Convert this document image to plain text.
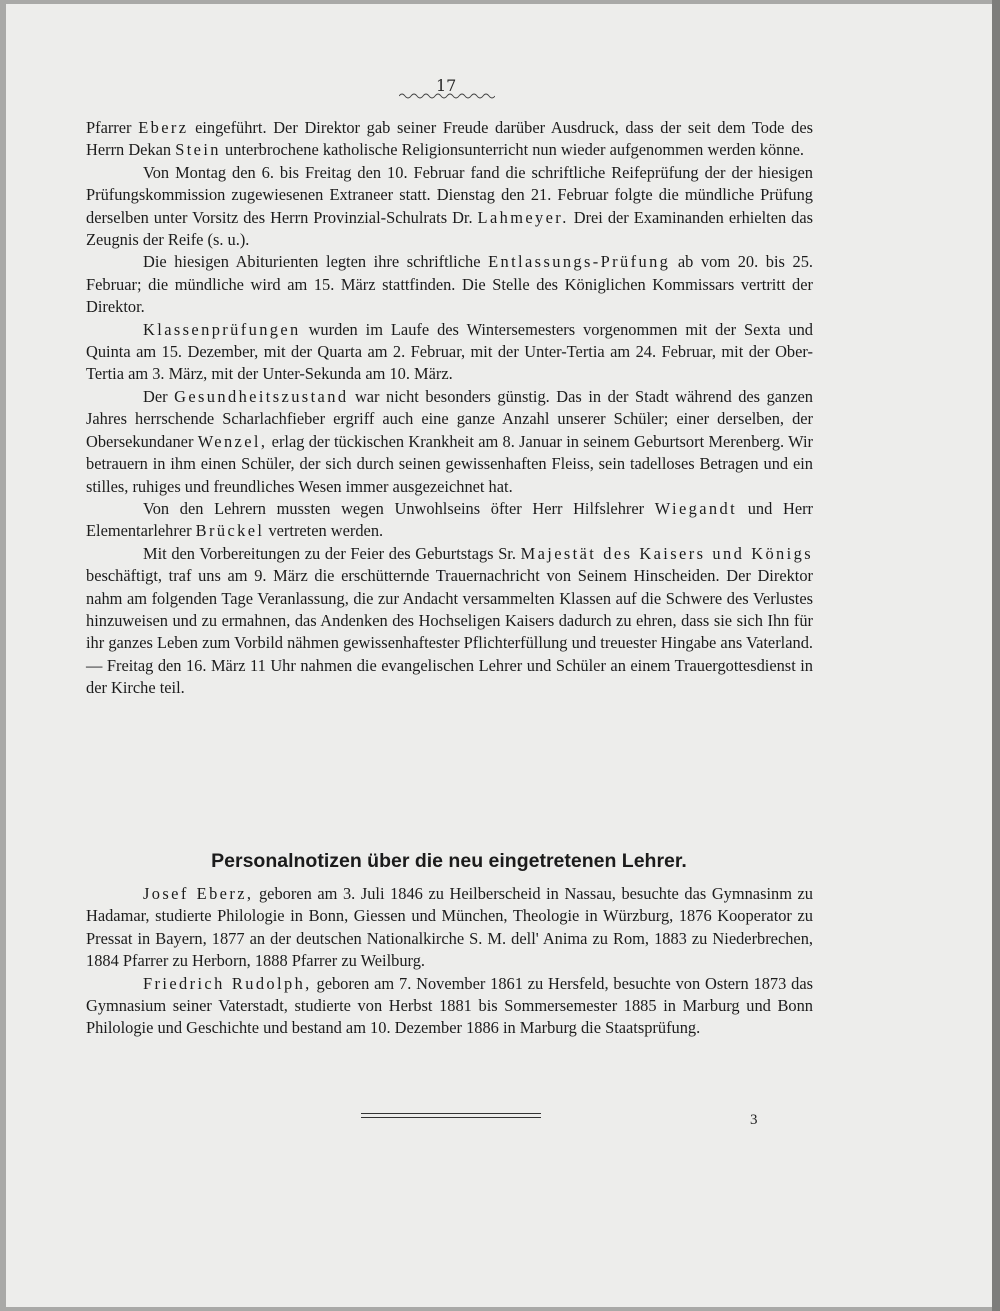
17

Pfarrer Eberz eingeführt. Der Direktor gab seiner Freude darüber Ausdruck, dass der seit dem Tode des Herrn Dekan Stein unterbrochene katholische Religionsunterricht nun wieder aufgenommen werden könne.

Von Montag den 6. bis Freitag den 10. Februar fand die schriftliche Reifeprüfung der der hiesigen Prüfungskommission zugewiesenen Extraneer statt. Dienstag den 21. Februar folgte die mündliche Prüfung derselben unter Vorsitz des Herrn Provinzial-Schulrats Dr. Lahmeyer. Drei der Examinanden erhielten das Zeugnis der Reife (s. u.).

Die hiesigen Abiturienten legten ihre schriftliche Entlassungs-Prüfung ab vom 20. bis 25. Februar; die mündliche wird am 15. März stattfinden. Die Stelle des Königlichen Kommissars vertritt der Direktor.

Klassenprüfungen wurden im Laufe des Wintersemesters vorgenommen mit der Sexta und Quinta am 15. Dezember, mit der Quarta am 2. Februar, mit der Unter-Tertia am 24. Februar, mit der Ober-Tertia am 3. März, mit der Unter-Sekunda am 10. März.

Der Gesundheitszustand war nicht besonders günstig. Das in der Stadt während des ganzen Jahres herrschende Scharlachfieber ergriff auch eine ganze Anzahl unserer Schüler; einer derselben, der Obersekundaner Wenzel, erlag der tückischen Krankheit am 8. Januar in seinem Geburtsort Merenberg. Wir betrauern in ihm einen Schüler, der sich durch seinen gewissenhaften Fleiss, sein tadelloses Betragen und ein stilles, ruhiges und freundliches Wesen immer ausgezeichnet hat.

Von den Lehrern mussten wegen Unwohlseins öfter Herr Hilfslehrer Wiegandt und Herr Elementarlehrer Brückel vertreten werden.

Mit den Vorbereitungen zu der Feier des Geburtstags Sr. Majestät des Kaisers und Königs beschäftigt, traf uns am 9. März die erschütternde Trauernachricht von Seinem Hinscheiden. Der Direktor nahm am folgenden Tage Veranlassung, die zur Andacht versammelten Klassen auf die Schwere des Verlustes hinzuweisen und zu ermahnen, das Andenken des Hochseligen Kaisers dadurch zu ehren, dass sie sich Ihn für ihr ganzes Leben zum Vorbild nähmen gewissenhaftester Pflichterfüllung und treuester Hingabe ans Vaterland. — Freitag den 16. März 11 Uhr nahmen die evangelischen Lehrer und Schüler an einem Trauergottesdienst in der Kirche teil.

Personalnotizen über die neu eingetretenen Lehrer.

Josef Eberz, geboren am 3. Juli 1846 zu Heilberscheid in Nassau, besuchte das Gymnasinm zu Hadamar, studierte Philologie in Bonn, Giessen und München, Theologie in Würzburg, 1876 Kooperator zu Pressat in Bayern, 1877 an der deutschen Nationalkirche S. M. dell' Anima zu Rom, 1883 zu Niederbrechen, 1884 Pfarrer zu Herborn, 1888 Pfarrer zu Weilburg.

Friedrich Rudolph, geboren am 7. November 1861 zu Hersfeld, besuchte von Ostern 1873 das Gymnasium seiner Vaterstadt, studierte von Herbst 1881 bis Sommersemester 1885 in Marburg und Bonn Philologie und Geschichte und bestand am 10. Dezember 1886 in Marburg die Staatsprüfung.

3
